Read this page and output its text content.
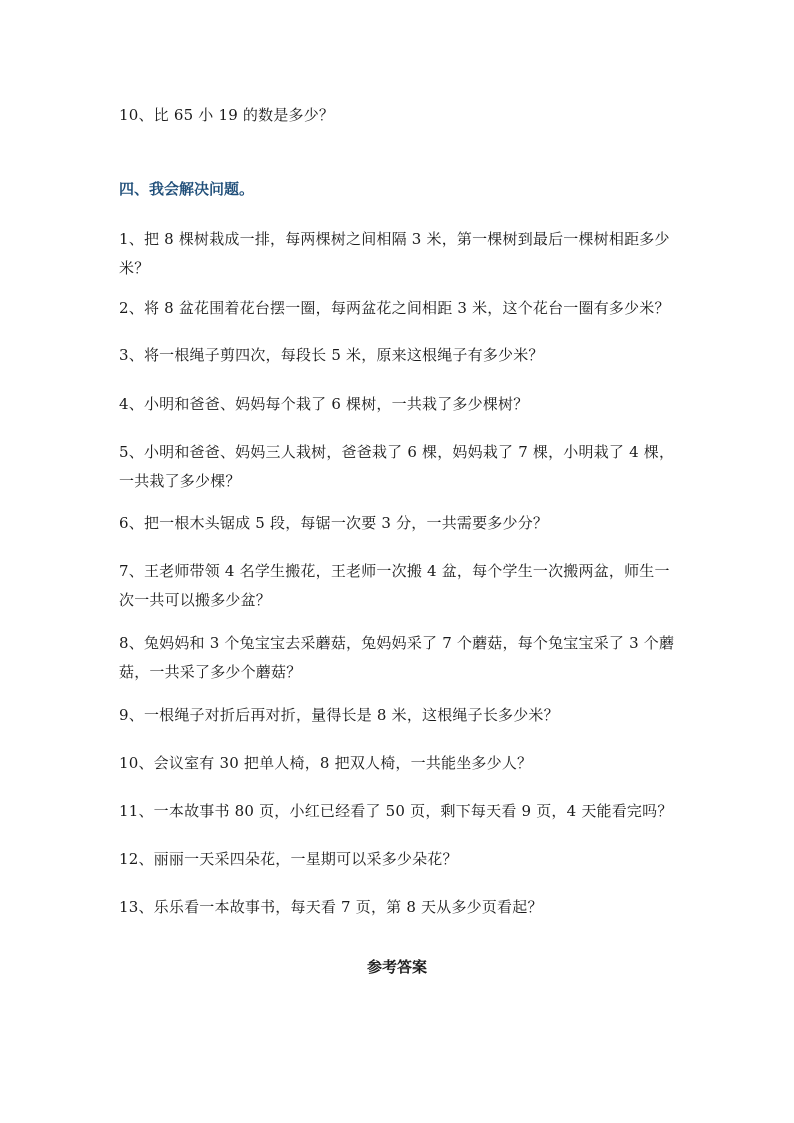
10、比 65 小 19 的数是多少？
四、我会解决问题。
1、把 8 棵树栽成一排，每两棵树之间相隔 3 米，第一棵树到最后一棵树相距多少米？
2、将 8 盆花围着花台摆一圈，每两盆花之间相距 3 米，这个花台一圈有多少米？
3、将一根绳子剪四次，每段长 5 米，原来这根绳子有多少米？
4、小明和爸爸、妈妈每个栽了 6 棵树，一共栽了多少棵树？
5、小明和爸爸、妈妈三人栽树，爸爸栽了 6 棵，妈妈栽了 7 棵，小明栽了 4 棵，一共栽了多少棵？
6、把一根木头锯成 5 段，每锯一次要 3 分，一共需要多少分？
7、王老师带领 4 名学生搬花，王老师一次搬 4 盆，每个学生一次搬两盆，师生一次一共可以搬多少盆？
8、兔妈妈和 3 个兔宝宝去采蘑菇，兔妈妈采了 7 个蘑菇，每个兔宝宝采了 3 个蘑菇，一共采了多少个蘑菇？
9、一根绳子对折后再对折，量得长是 8 米，这根绳子长多少米？
10、会议室有 30 把单人椅，8 把双人椅，一共能坐多少人？
11、一本故事书 80 页，小红已经看了 50 页，剩下每天看 9 页，4 天能看完吗？
12、丽丽一天采四朵花，一星期可以采多少朵花？
13、乐乐看一本故事书，每天看 7 页，第 8 天从多少页看起？
参考答案
